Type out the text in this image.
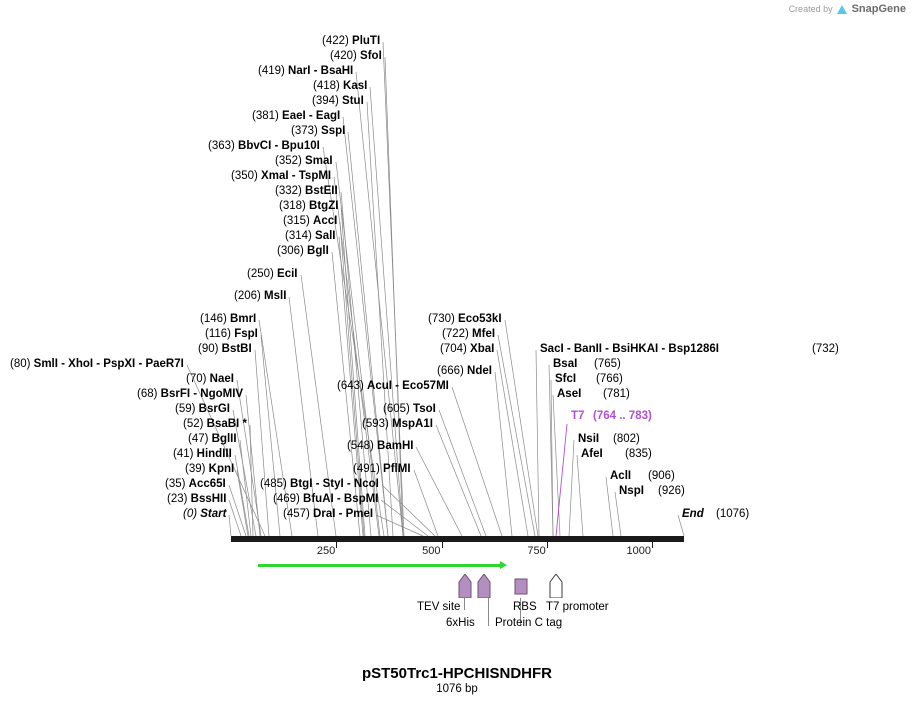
Created by SnapGene
(422) PluTI
(420) SfoI
(419) NarI - BsaHI
(418) KasI
(394) StuI
(381) EaeI - EagI
(373) SspI
(363) BbvCI - Bpu10I
(352) SmaI
(350) XmaI - TspMI
(332) BstEII
(318) BtgZI
(315) AccI
(314) SalI
(306) BglI
(250) EciI
(206) MslI
(146) BmrI
(116) FspI
(90) BstBI
(80) SmlI - XhoI - PspXI - PaeR7I
(70) NaeI
(68) BsrFI - NgoMIV
(59) BsrGI
(52) BsaBI *
(47) BglII
(41) HindIII
(39) KpnI
(35) Acc65I
(23) BssHII
(0) Start
(485) BtgI - StyI - NcoI
(469) BfuAI - BspMI
(457) DraI - PmeI
(491) PflMI
(548) BamHI
(593) MspA1I
(605) TsoI
(643) AcuI - Eco57MI
(666) NdeI
(704) XbaI
(722) MfeI
(730) Eco53kI
SacI - BanII - BsiHKAI - Bsp1286I	(732)
BsaI (765)
SfcI (766)
AseI (781)
NsiI (802)
AfeI (835)
AclI (906)
NspI (926)
End (1076)
T7 (764 .. 783)
250	500	750	1000
TEV site
6xHis Protein C tag
RBS T7 promoter
pST50Trc1-HPCHISNDHFR
1076 bp
